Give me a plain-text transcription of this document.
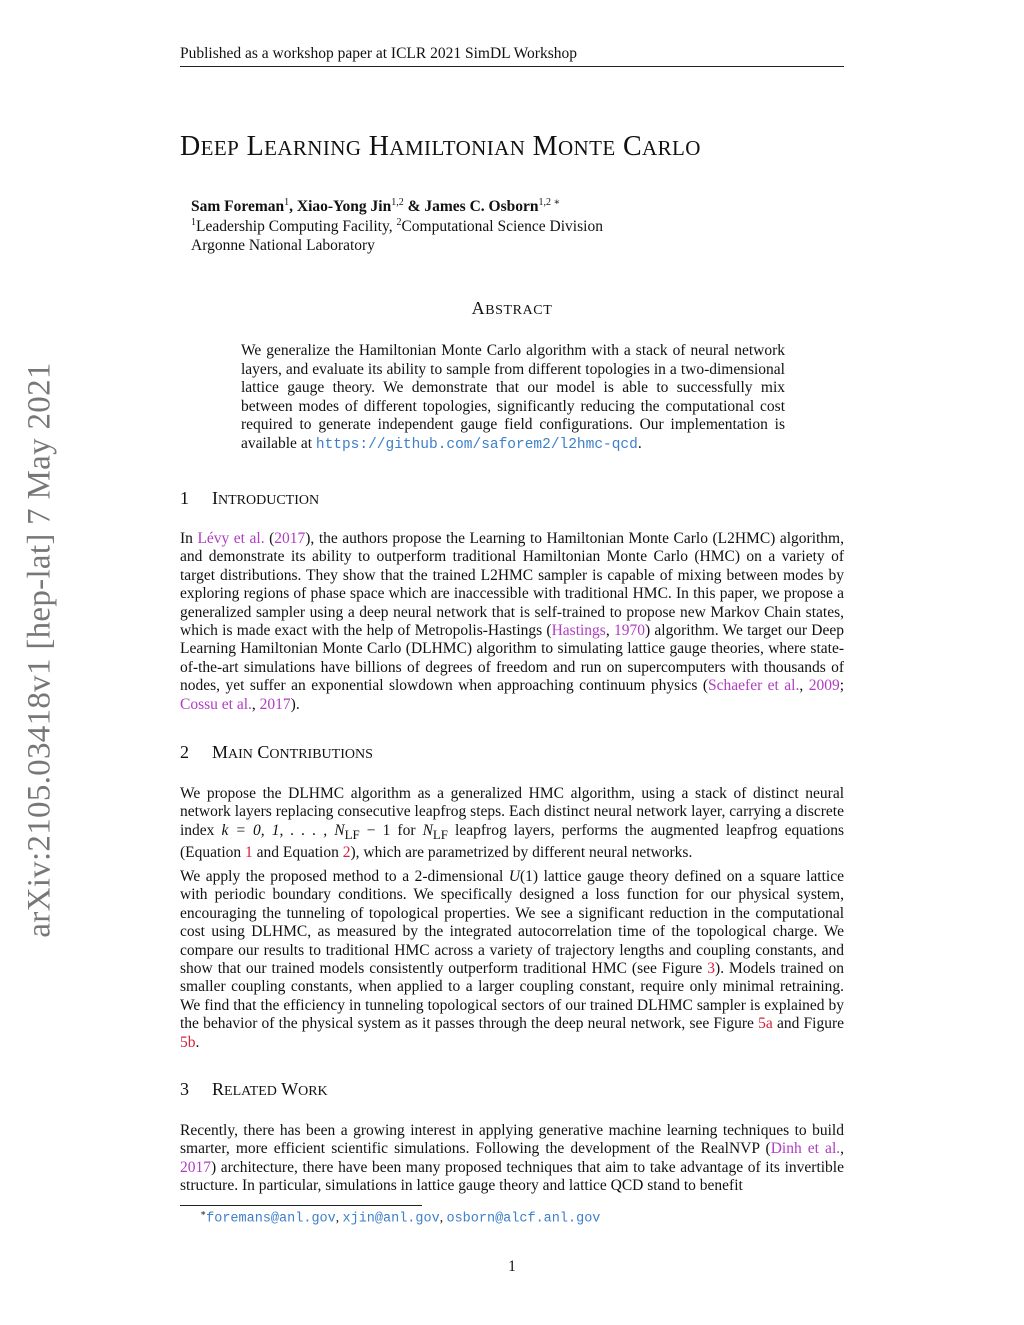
Published as a workshop paper at ICLR 2021 SimDL Workshop
arXiv:2105.03418v1 [hep-lat] 7 May 2021
DEEP LEARNING HAMILTONIAN MONTE CARLO
Sam Foreman$^1$, Xiao-Yong Jin$^{1,2}$ & James C. Osborn$^{1,2 ∗}$
$^1$Leadership Computing Facility, $^2$Computational Science Division
Argonne National Laboratory
ABSTRACT
We generalize the Hamiltonian Monte Carlo algorithm with a stack of neural network layers, and evaluate its ability to sample from different topologies in a two-dimensional lattice gauge theory. We demonstrate that our model is able to successfully mix between modes of different topologies, significantly reducing the computational cost required to generate independent gauge field configurations. Our implementation is available at https://github.com/saforem2/l2hmc-qcd.
1 INTRODUCTION
In Lévy et al. (2017), the authors propose the Learning to Hamiltonian Monte Carlo (L2HMC) algorithm, and demonstrate its ability to outperform traditional Hamiltonian Monte Carlo (HMC) on a variety of target distributions. They show that the trained L2HMC sampler is capable of mixing between modes by exploring regions of phase space which are inaccessible with traditional HMC. In this paper, we propose a generalized sampler using a deep neural network that is self-trained to propose new Markov Chain states, which is made exact with the help of Metropolis-Hastings (Hastings, 1970) algorithm. We target our Deep Learning Hamiltonian Monte Carlo (DLHMC) algorithm to simulating lattice gauge theories, where state-of-the-art simulations have billions of degrees of freedom and run on supercomputers with thousands of nodes, yet suffer an exponential slowdown when approaching continuum physics (Schaefer et al., 2009; Cossu et al., 2017).
2 MAIN CONTRIBUTIONS
We propose the DLHMC algorithm as a generalized HMC algorithm, using a stack of distinct neural network layers replacing consecutive leapfrog steps. Each distinct neural network layer, carrying a discrete index k = 0, 1, . . . , $N_{LF} - 1$ for $N_{LF}$ leapfrog layers, performs the augmented leapfrog equations (Equation 1 and Equation 2), which are parametrized by different neural networks.
We apply the proposed method to a 2-dimensional U(1) lattice gauge theory defined on a square lattice with periodic boundary conditions. We specifically designed a loss function for our physical system, encouraging the tunneling of topological properties. We see a significant reduction in the computational cost using DLHMC, as measured by the integrated autocorrelation time of the topological charge. We compare our results to traditional HMC across a variety of trajectory lengths and coupling constants, and show that our trained models consistently outperform traditional HMC (see Figure 3). Models trained on smaller coupling constants, when applied to a larger coupling constant, require only minimal retraining. We find that the efficiency in tunneling topological sectors of our trained DLHMC sampler is explained by the behavior of the physical system as it passes through the deep neural network, see Figure 5a and Figure 5b.
3 RELATED WORK
Recently, there has been a growing interest in applying generative machine learning techniques to build smarter, more efficient scientific simulations. Following the development of the RealNVP (Dinh et al., 2017) architecture, there have been many proposed techniques that aim to take advantage of its invertible structure. In particular, simulations in lattice gauge theory and lattice QCD stand to benefit
∗foremans@anl.gov, xjin@anl.gov, osborn@alcf.anl.gov
1
